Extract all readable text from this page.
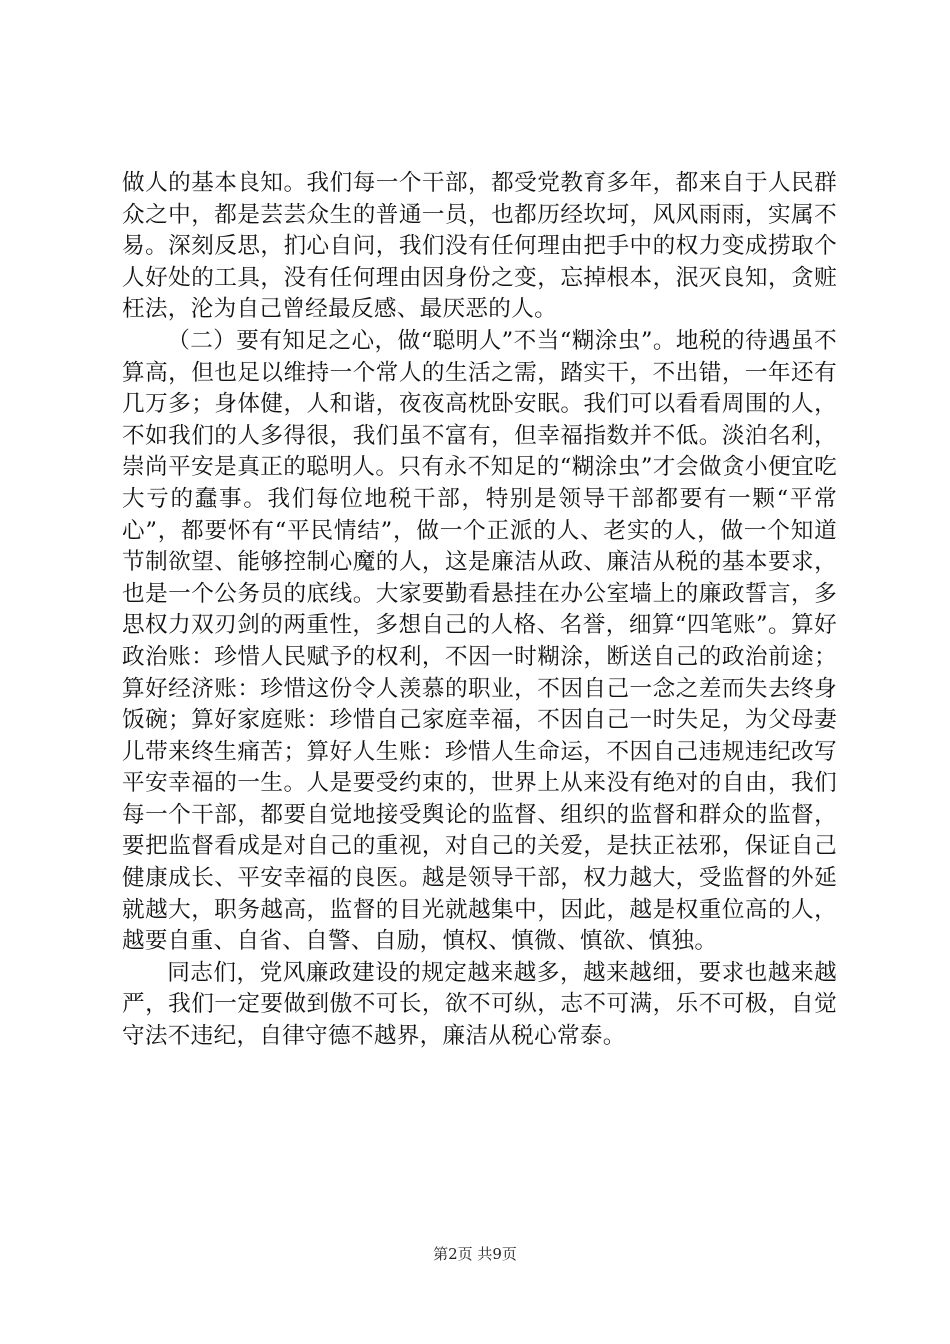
做人的基本良知。我们每一个干部，都受党教育多年，都来自于人民群众之中，都是芸芸众生的普通一员，也都历经坎坷，风风雨雨，实属不易。深刻反思，扪心自问，我们没有任何理由把手中的权力变成捞取个人好处的工具，没有任何理由因身份之变，忘掉根本，泯灭良知，贪赃枉法，沦为自己曾经最反感、最厌恶的人。

（二）要有知足之心，做“聪明人”不当“糊涂虫”。地税的待遇虽不算高，但也足以维持一个常人的生活之需，踏实干，不出错，一年还有几万多；身体健，人和谐，夜夜高枕卧安眠。我们可以看看周围的人，不如我们的人多得很，我们虽不富有，但幸福指数并不低。淡泊名利，崇尚平安是真正的聪明人。只有永不知足的“糊涂虫”才会做贪小便宜吃大亏的蠢事。我们每位地税干部，特别是领导干部都要有一颗“平常心”，都要怀有“平民情结”，做一个正派的人、老实的人，做一个知道节制欲望、能够控制心魔的人，这是廉洁从政、廉洁从税的基本要求，也是一个公务员的底线。大家要勤看悬挂在办公室墙上的廉政誓言，多思权力双刃剑的两重性，多想自己的人格、名誉，细算“四笔账”。算好政治账：珍惜人民赋予的权利，不因一时糊涂，断送自己的政治前途；算好经济账：珍惜这份令人羡慕的职业，不因自己一念之差而失去终身饭碗；算好家庭账：珍惜自己家庭幸福，不因自己一时失足，为父母妻儿带来终生痛苦；算好人生账：珍惜人生命运，不因自己违规违纪改写平安幸福的一生。人是要受约束的，世界上从来没有绝对的自由，我们每一个干部，都要自觉地接受舆论的监督、组织的监督和群众的监督，要把监督看成是对自己的重视，对自己的关爱，是扶正祛邪，保证自己健康成长、平安幸福的良医。越是领导干部，权力越大，受监督的外延就越大，职务越高，监督的目光就越集中，因此，越是权重位高的人，越要自重、自省、自警、自励，慎权、慎微、慎欲、慎独。

同志们，党风廉政建设的规定越来越多，越来越细，要求也越来越严，我们一定要做到傲不可长，欲不可纵，志不可满，乐不可极，自觉守法不违纪，自律守德不越界，廉洁从税心常泰。

第2页 共9页
